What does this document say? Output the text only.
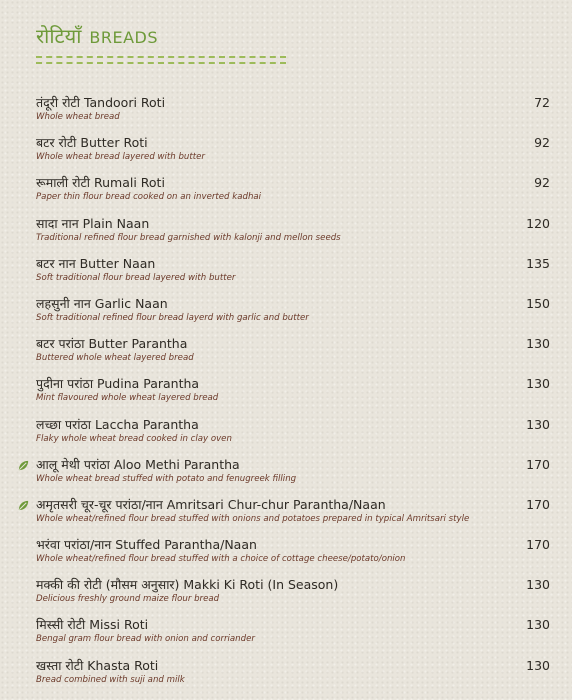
रोटियाँ BREADS
तंदूरी रोटी Tandoori Roti
Whole wheat bread
72
बटर रोटी Butter Roti
Whole wheat bread layered with butter
92
रूमाली रोटी Rumali Roti
Paper thin flour bread cooked on an inverted kadhai
92
सादा नान Plain Naan
Traditional refined flour bread garnished with kalonji and mellon seeds
120
बटर नान Butter Naan
Soft traditional flour bread layered with butter
135
लहसुनी नान Garlic Naan
Soft traditional refined flour bread layerd with garlic and butter
150
बटर परांठा Butter Parantha
Buttered whole wheat layered bread
130
पुदीना परांठा Pudina Parantha
Mint flavoured whole wheat layered bread
130
लच्छा परांठा Laccha Parantha
Flaky whole wheat bread cooked in clay oven
130
आलू मेथी परांठा Aloo Methi Parantha
Whole wheat bread stuffed with potato and fenugreek filling
170
अमृतसरी चूर-चूर परांठा/नान Amritsari Chur-chur Parantha/Naan
Whole wheat/refined flour bread stuffed with onions and potatoes prepared in typical Amritsari style
170
भरंवा परांठा/नान Stuffed Parantha/Naan
Whole wheat/refined flour bread stuffed with a choice of cottage cheese/potato/onion
170
मक्की की रोटी (मौसम अनुसार) Makki Ki Roti (In Season)
Delicious freshly ground maize flour bread
130
मिस्सी रोटी Missi Roti
Bengal gram flour bread with onion and corriander
130
खस्ता रोटी Khasta Roti
Bread combined with suji and milk
130
